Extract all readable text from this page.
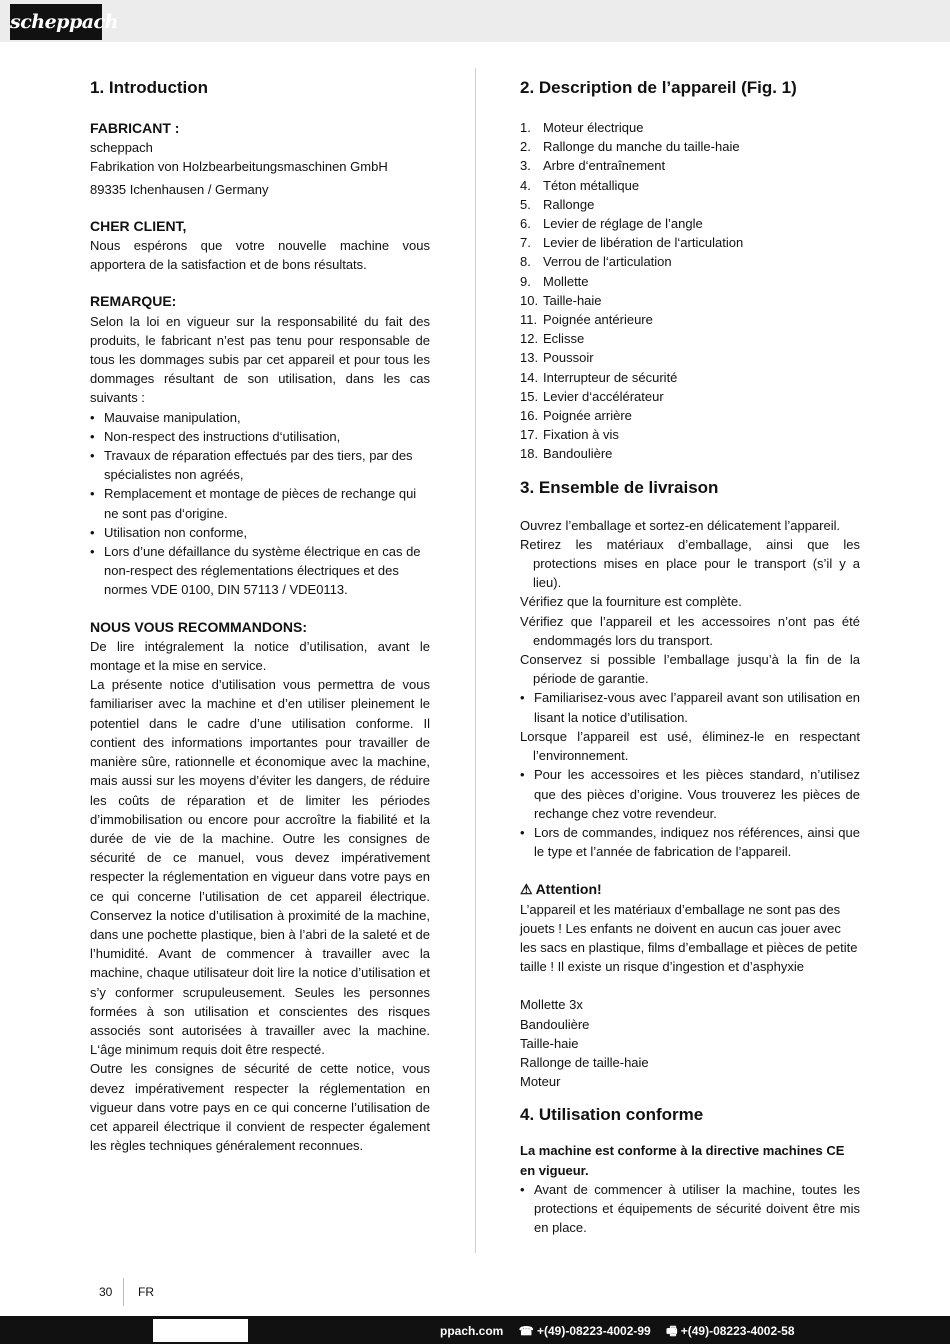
scheppach
1. Introduction
FABRICANT :
scheppach
Fabrikation von Holzbearbeitungsmaschinen GmbH
89335 Ichenhausen / Germany
CHER CLIENT,

Nous espérons que votre nouvelle machine vous apportera de la satisfaction et de bons résultats.

REMARQUE:

Selon la loi en vigueur sur la responsabilité du fait des produits, le fabricant n’est pas tenu pour responsable de tous les dommages subis par cet appareil et pour tous les dommages résultant de son utilisation, dans les cas suivants :

• Mauvaise manipulation,
• Non-respect des instructions d‘utilisation,
• Travaux de réparation effectués par des tiers, par des spécialistes non agréés,
• Remplacement et montage de pièces de rechange qui ne sont pas d‘origine.
• Utilisation non conforme,
• Lors d’une défaillance du système électrique en cas de non-respect des réglementations électriques et des normes VDE 0100, DIN 57113 / VDE0113.
NOUS VOUS RECOMMANDONS:

De lire intégralement la notice d’utilisation, avant le montage et la mise en service.

La présente notice d’utilisation vous permettra de vous familiariser avec la machine et d’en utiliser pleinement le potentiel dans le cadre d’une utilisation conforme. Il contient des informations importantes pour travailler de manière sûre, rationnelle et économique avec la machine, mais aussi sur les moyens d’éviter les dangers, de réduire les coûts de réparation et de limiter les périodes d’immobilisation ou encore pour accroître la fiabilité et la durée de vie de la machine. Outre les consignes de sécurité de ce manuel, vous devez impérativement respecter la réglementation en vigueur dans votre pays en ce qui concerne l’utilisation de cet appareil électrique. Conservez la notice d’utilisation à proximité de la machine, dans une pochette plastique, bien à l’abri de la saleté et de l’humidité. Avant de commencer à travailler avec la machine, chaque utilisateur doit lire la notice d’utilisation et s’y conformer scrupuleusement. Seules les personnes formées à son utilisation et conscientes des risques associés sont autorisées à travailler avec la machine. L‘âge minimum requis doit être respecté.

Outre les consignes de sécurité de cette notice, vous devez impérativement respecter la réglementation en vigueur dans votre pays en ce qui concerne l’utilisation de cet appareil électrique il convient de respecter également les règles techniques généralement reconnues.

2. Description de l’appareil (Fig. 1)
1. Moteur électrique
2. Rallonge du manche du taille-haie
3. Arbre d‘entraînement
4. Téton métallique
5. Rallonge
6. Levier de réglage de l’angle
7. Levier de libération de l‘articulation
8. Verrou de l‘articulation
9. Mollette
10. Taille-haie
11. Poignée antérieure
12. Eclisse
13. Poussoir
14. Interrupteur de sécurité
15. Levier d‘accélérateur
16. Poignée arrière
17. Fixation à vis
18. Bandoulière
3. Ensemble de livraison

Ouvrez l’emballage et sortez-en délicatement l’appareil.

Retirez les matériaux d’emballage, ainsi que les protections mises en place pour le transport (s’il y a lieu).

Vérifiez que la fourniture est complète.

Vérifiez que l’appareil et les accessoires n’ont pas été endommagés lors du transport.

Conservez si possible l’emballage jusqu’à la fin de la période de garantie.

• Familiarisez-vous avec l’appareil avant son utilisation en lisant la notice d’utilisation.

Lorsque l’appareil est usé, éliminez-le en respectant l’environnement.

• Pour les accessoires et les pièces standard, n’utilisez que des pièces d’origine. Vous trouverez les pièces de rechange chez votre revendeur.
• Lors de commandes, indiquez nos références, ainsi que le type et l’année de fabrication de l’appareil.
⚠ Attention!

L’appareil et les matériaux d’emballage ne sont pas des jouets ! Les enfants ne doivent en aucun cas jouer avec les sacs en plastique, films d’emballage et pièces de petite taille ! Il existe un risque d’ingestion et d’asphyxie

Mollette 3x
Bandoulière
Taille-haie
Rallonge de taille-haie
Moteur
4. Utilisation conforme
La machine est conforme à la directive machines CE en vigueur.
• Avant de commencer à utiliser la machine, toutes les protections et équipements de sécurité doivent être mis en place.
30 FR
ppach.com ☎ +(49)-08223-4002-99 🖷 +(49)-08223-4002-58
